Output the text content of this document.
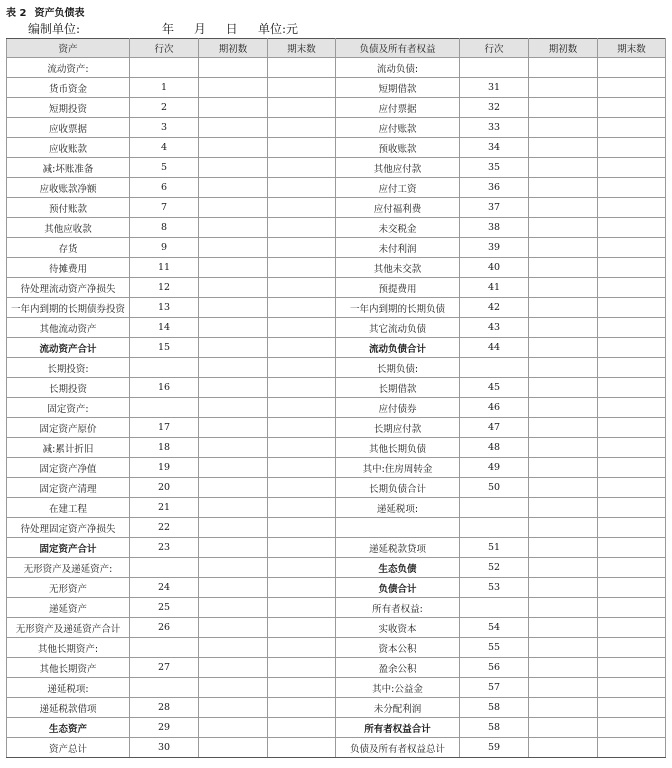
表 2 资产负债表
编制单位:	年 月 日 单位:元
资产	行次	期初数	期末数	负债及所有者权益	行次	期初数	期末数
流动资产:				流动负债:			
货币资金	1			短期借款	31		
短期投资	2			应付票据	32		
应收票据	3			应付账款	33		
应收账款	4			预收账款	34		
减:坏账准备	5			其他应付款	35		
应收账款净额	6			应付工资	36		
预付账款	7			应付福利费	37		
其他应收款	8			未交税金	38		
存货	9			未付利润	39		
待摊费用	11			其他未交款	40		
待处理流动资产净损失	12			预提费用	41		
一年内到期的长期债券投资	13			一年内到期的长期负债	42		
其他流动资产	14			其它流动负债	43		
流动资产合计	15			流动负债合计	44		
长期投资:				长期负债:			
长期投资	16			长期借款	45		
固定资产:				应付债券	46		
固定资产原价	17			长期应付款	47		
减:累计折旧	18			其他长期负债	48		
固定资产净值	19			其中:住房周转金	49		
固定资产清理	20			长期负债合计	50		
在建工程	21			递延税项:			
待处理固定资产净损失	22						
固定资产合计	23			递延税款贷项	51		
无形资产及递延资产:				生态负债	52		
无形资产	24			负债合计	53		
递延资产	25			所有者权益:			
无形资产及递延资产合计	26			实收资本	54		
其他长期资产:				资本公积	55		
其他长期资产	27			盈余公积	56		
递延税项:				其中:公益金	57		
递延税款借项	28			未分配利润	58		
生态资产	29			所有者权益合计	58		
资产总计	30			负债及所有者权益总计	59		
